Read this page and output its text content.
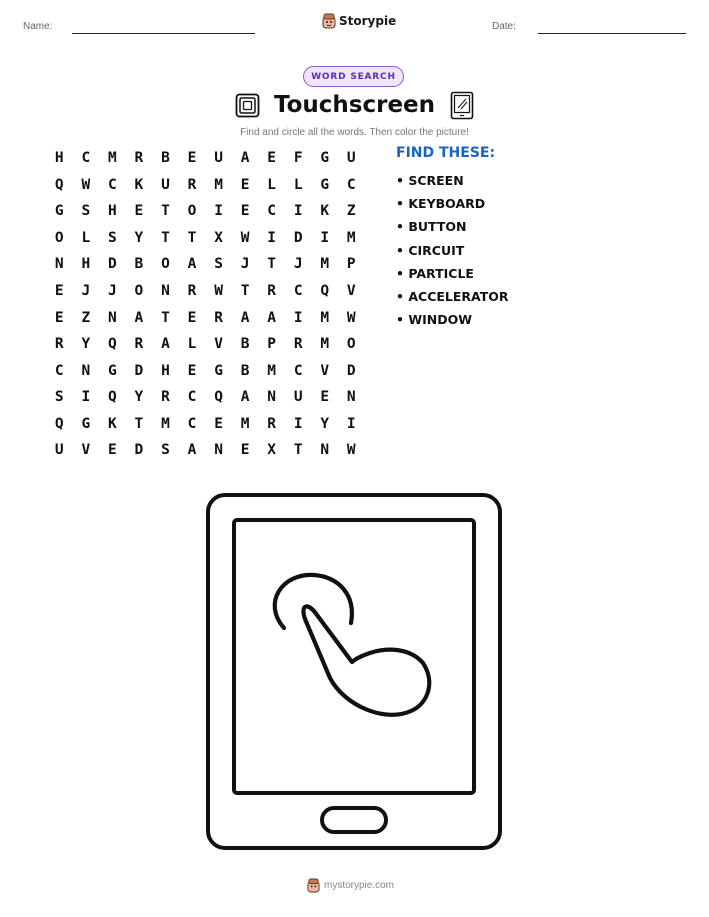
Name:	Storypie	Date:
WORD SEARCH
Touchscreen
Find and circle all the words. Then color the picture!
H	C	M	R	B	E	U	A	E	F	G	U
Q	W	C	K	U	R	M	E	L	L	G	C
G	S	H	E	T	O	I	E	C	I	K	Z
O	L	S	Y	T	T	X	W	I	D	I	M
N	H	D	B	O	A	S	J	T	J	M	P
E	J	J	O	N	R	W	T	R	C	Q	V
E	Z	N	A	T	E	R	A	A	I	M	W
R	Y	Q	R	A	L	V	B	P	R	M	O
C	N	G	D	H	E	G	B	M	C	V	D
S	I	Q	Y	R	C	Q	A	N	U	E	N
Q	G	K	T	M	C	E	M	R	I	Y	I
U	V	E	D	S	A	N	E	X	T	N	W
FIND THESE:
• SCREEN
• KEYBOARD
• BUTTON
• CIRCUIT
• PARTICLE
• ACCELERATOR
• WINDOW
mystorypie.com
